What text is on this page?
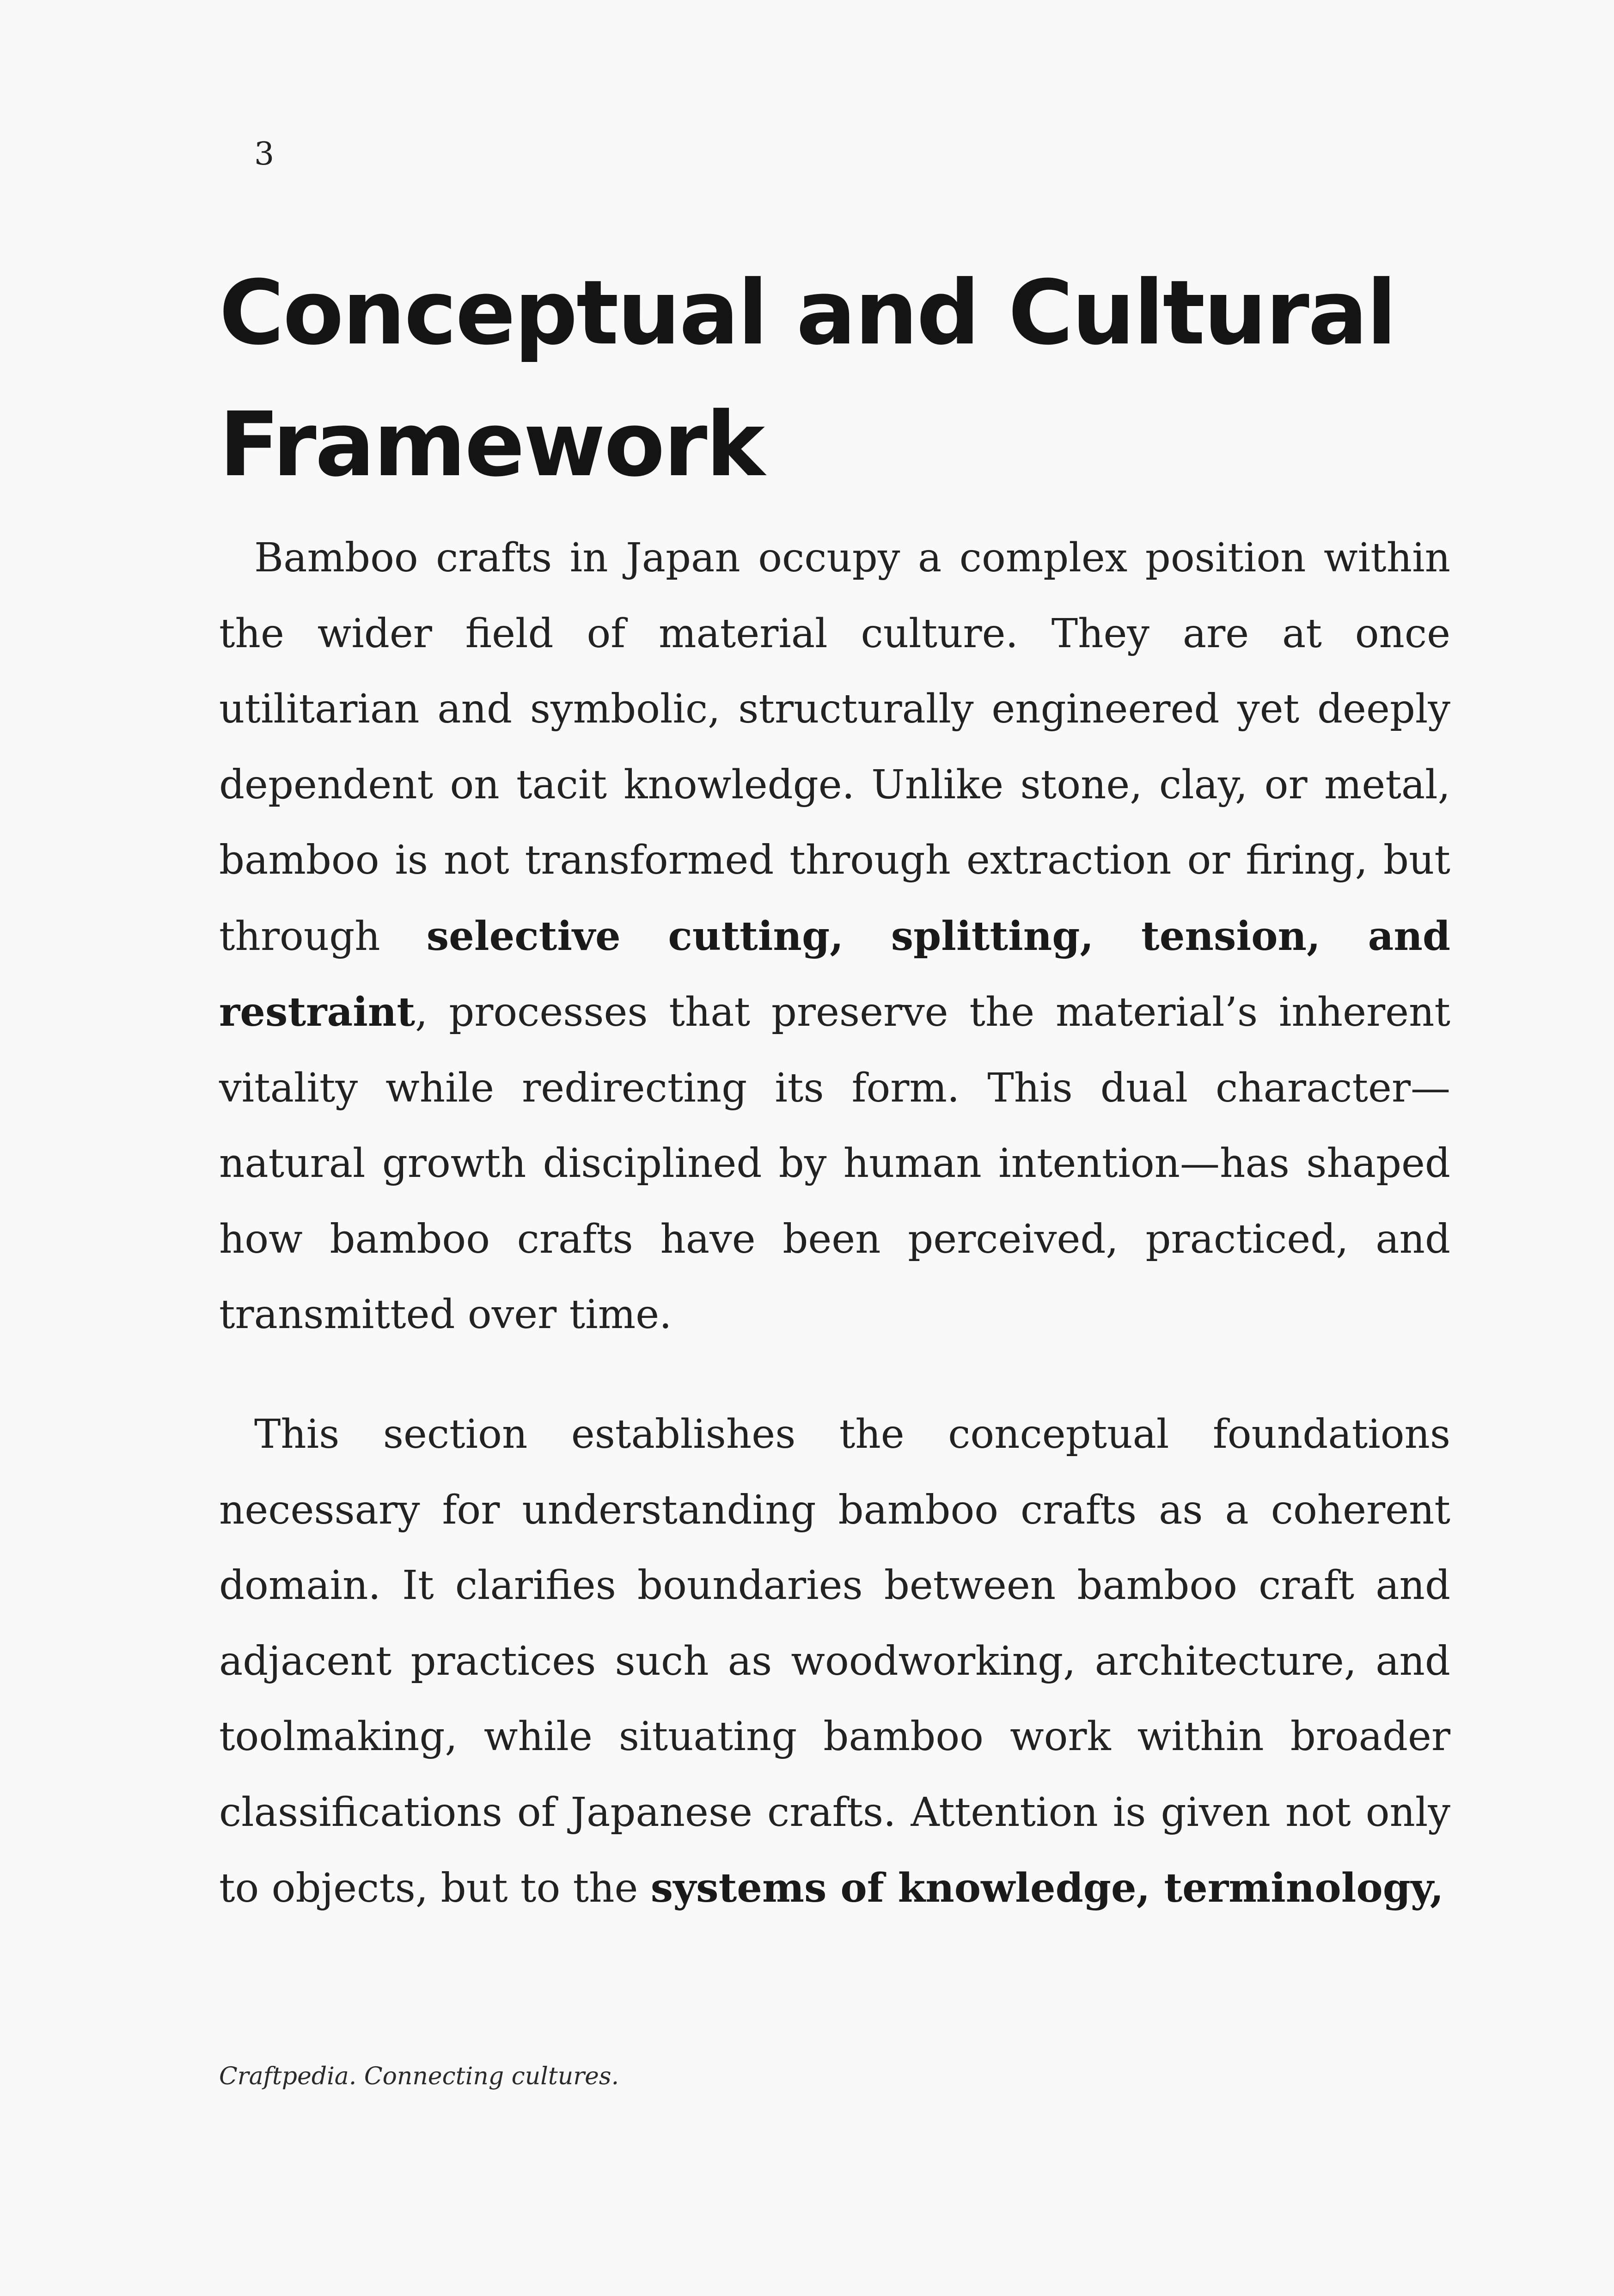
3
Conceptual and Cultural
Framework

Bamboo crafts in Japan occupy a complex position within the wider field of material culture. They are at once utilitarian and symbolic, structurally engineered yet deeply dependent on tacit knowledge. Unlike stone, clay, or metal, bamboo is not transformed through extraction or firing, but through selective cutting, splitting, tension, and restraint, processes that preserve the material’s inherent vitality while redirecting its form. This dual character—natural growth disciplined by human intention—has shaped how bamboo crafts have been perceived, practiced, and transmitted over time.

This section establishes the conceptual foundations necessary for understanding bamboo crafts as a coherent domain. It clarifies boundaries between bamboo craft and adjacent practices such as woodworking, architecture, and toolmaking, while situating bamboo work within broader classifications of Japanese crafts. Attention is given not only to objects, but to the systems of knowledge, terminology,

Craftpedia. Connecting cultures.
